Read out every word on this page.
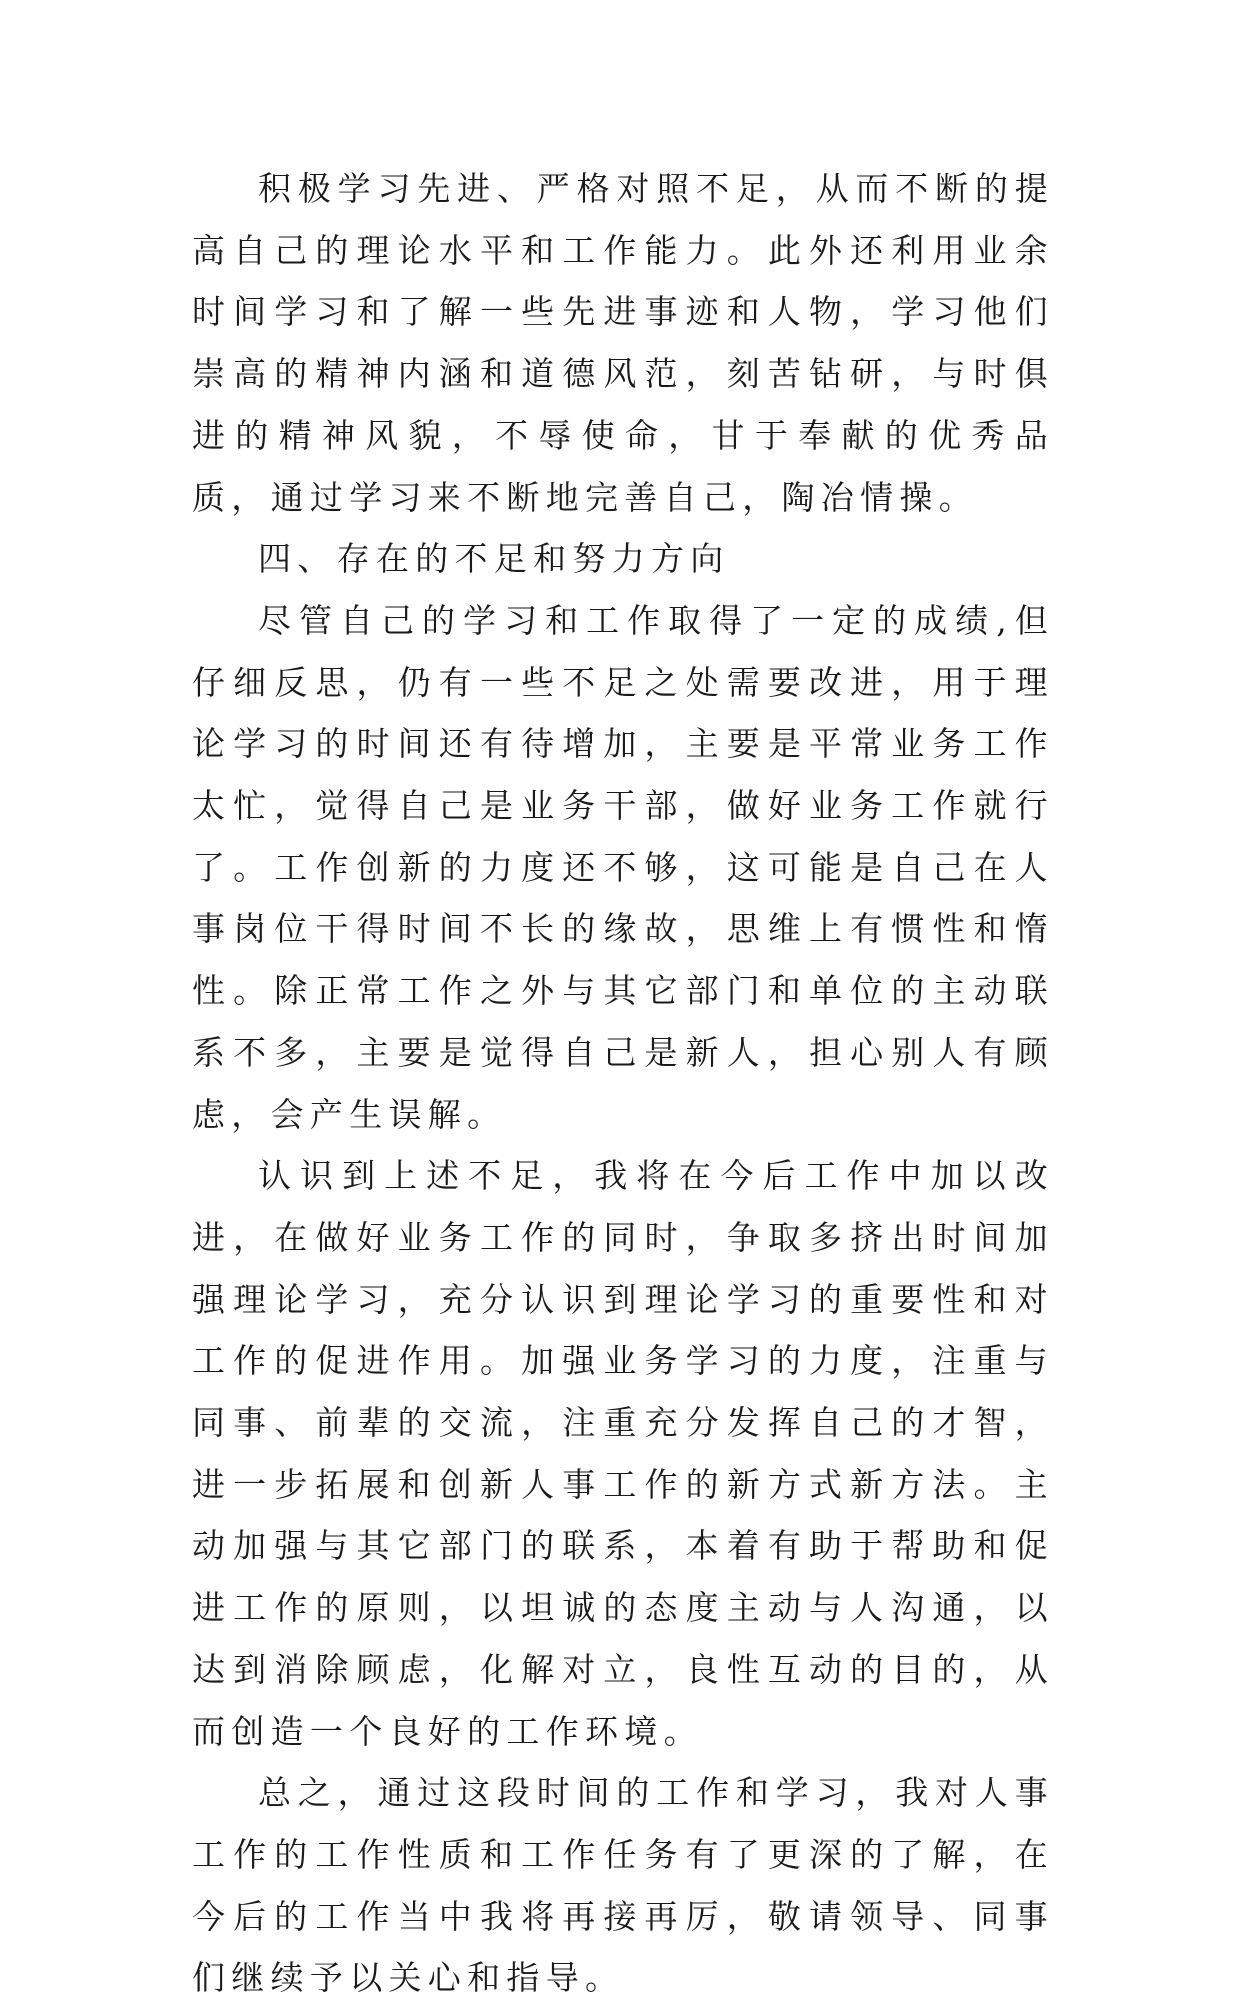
积极学习先进、严格对照不足，从而不断的提高自己的理论水平和工作能力。此外还利用业余时间学习和了解一些先进事迹和人物，学习他们崇高的精神内涵和道德风范，刻苦钻研，与时俱进的精神风貌，不辱使命，甘于奉献的优秀品质，通过学习来不断地完善自己，陶冶情操。

四、存在的不足和努力方向

尽管自己的学习和工作取得了一定的成绩,但仔细反思，仍有一些不足之处需要改进，用于理论学习的时间还有待增加，主要是平常业务工作太忙，觉得自己是业务干部，做好业务工作就行了。工作创新的力度还不够，这可能是自己在人事岗位干得时间不长的缘故，思维上有惯性和惰性。除正常工作之外与其它部门和单位的主动联系不多，主要是觉得自己是新人，担心别人有顾虑，会产生误解。

认识到上述不足，我将在今后工作中加以改进，在做好业务工作的同时，争取多挤出时间加强理论学习，充分认识到理论学习的重要性和对工作的促进作用。加强业务学习的力度，注重与同事、前辈的交流，注重充分发挥自己的才智，进一步拓展和创新人事工作的新方式新方法。主动加强与其它部门的联系，本着有助于帮助和促进工作的原则，以坦诚的态度主动与人沟通，以达到消除顾虑，化解对立，良性互动的目的，从而创造一个良好的工作环境。

总之，通过这段时间的工作和学习，我对人事工作的工作性质和工作任务有了更深的了解，在今后的工作当中我将再接再厉，敬请领导、同事们继续予以关心和指导。
